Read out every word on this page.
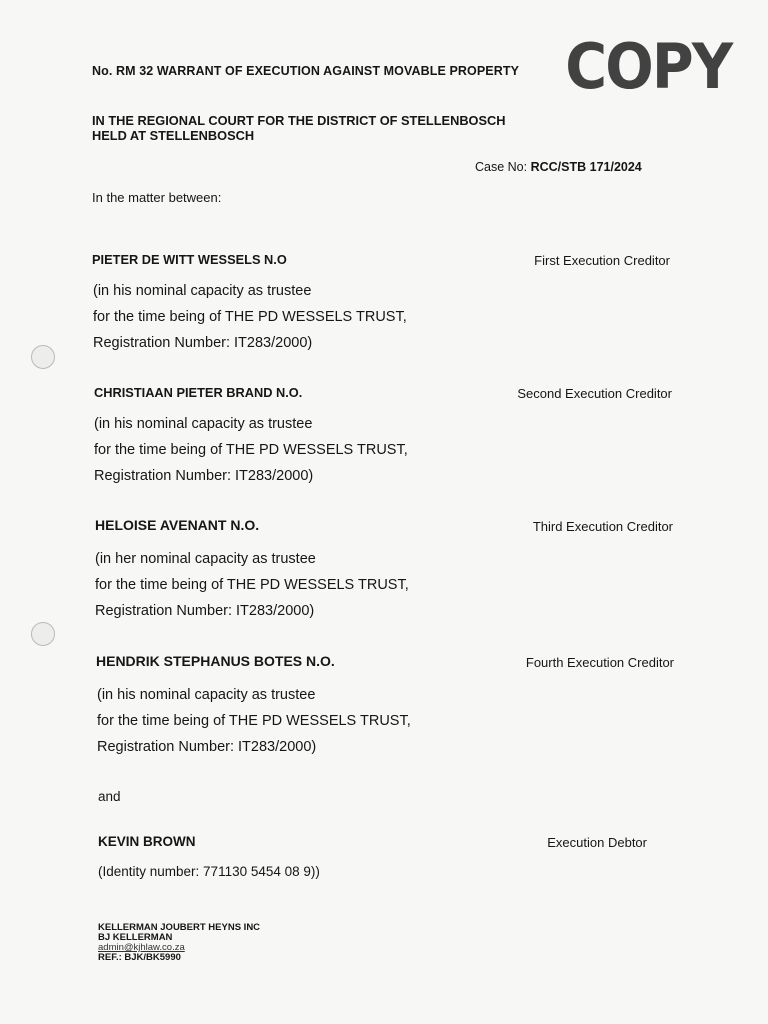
No. RM 32 WARRANT OF EXECUTION AGAINST MOVABLE PROPERTY COPY
IN THE REGIONAL COURT FOR THE DISTRICT OF STELLENBOSCH
HELD AT STELLENBOSCH
Case No: RCC/STB 171/2024
In the matter between:
PIETER DE WITT WESSELS N.O	First Execution Creditor
(in his nominal capacity as trustee
for the time being of THE PD WESSELS TRUST,
Registration Number: IT283/2000)
CHRISTIAAN PIETER BRAND N.O.	Second Execution Creditor
(in his nominal capacity as trustee
for the time being of THE PD WESSELS TRUST,
Registration Number: IT283/2000)
HELOISE AVENANT N.O.	Third Execution Creditor
(in her nominal capacity as trustee
for the time being of THE PD WESSELS TRUST,
Registration Number: IT283/2000)
HENDRIK STEPHANUS BOTES N.O.	Fourth Execution Creditor
(in his nominal capacity as trustee
for the time being of THE PD WESSELS TRUST,
Registration Number: IT283/2000)
and
KEVIN BROWN	Execution Debtor
(Identity number: 771130 5454 08 9))
KELLERMAN JOUBERT HEYNS INC
BJ KELLERMAN
admin@kjhlaw.co.za
REF.: BJK/BK5990
